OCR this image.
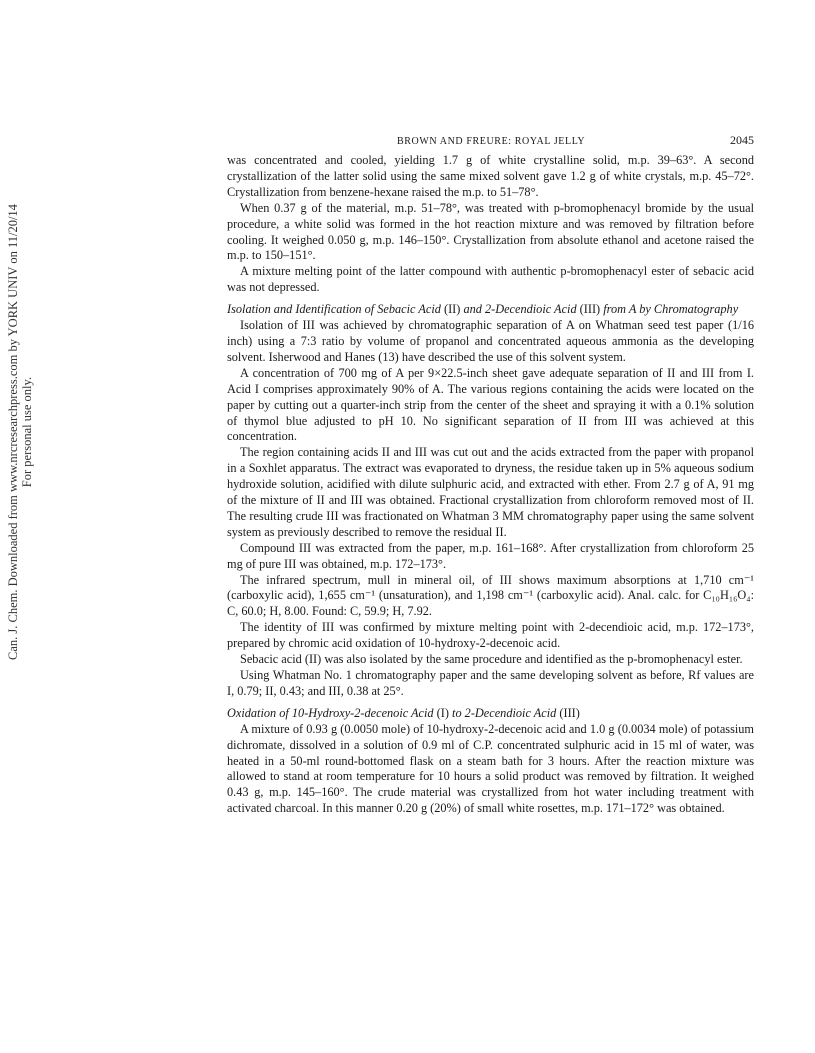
Can. J. Chem. Downloaded from www.nrcresearchpress.com by YORK UNIV on 11/20/14 For personal use only.
BROWN AND FREURE: ROYAL JELLY	2045

was concentrated and cooled, yielding 1.7 g of white crystalline solid, m.p. 39–63°. A second crystallization of the latter solid using the same mixed solvent gave 1.2 g of white crystals, m.p. 45–72°. Crystallization from benzene-hexane raised the m.p. to 51–78°.

When 0.37 g of the material, m.p. 51–78°, was treated with p-bromophenacyl bromide by the usual procedure, a white solid was formed in the hot reaction mixture and was removed by filtration before cooling. It weighed 0.050 g, m.p. 146–150°. Crystallization from absolute ethanol and acetone raised the m.p. to 150–151°.

A mixture melting point of the latter compound with authentic p-bromophenacyl ester of sebacic acid was not depressed.

Isolation and Identification of Sebacic Acid (II) and 2-Decendioic Acid (III) from A by Chromatography

Isolation of III was achieved by chromatographic separation of A on Whatman seed test paper (1/16 inch) using a 7:3 ratio by volume of propanol and concentrated aqueous ammonia as the developing solvent. Isherwood and Hanes (13) have described the use of this solvent system.

A concentration of 700 mg of A per 9×22.5-inch sheet gave adequate separation of II and III from I. Acid I comprises approximately 90% of A. The various regions containing the acids were located on the paper by cutting out a quarter-inch strip from the center of the sheet and spraying it with a 0.1% solution of thymol blue adjusted to pH 10. No significant separation of II from III was achieved at this concentration.

The region containing acids II and III was cut out and the acids extracted from the paper with propanol in a Soxhlet apparatus. The extract was evaporated to dryness, the residue taken up in 5% aqueous sodium hydroxide solution, acidified with dilute sulphuric acid, and extracted with ether. From 2.7 g of A, 91 mg of the mixture of II and III was obtained. Fractional crystallization from chloroform removed most of II. The resulting crude III was fractionated on Whatman 3 MM chromatography paper using the same solvent system as previously described to remove the residual II.

Compound III was extracted from the paper, m.p. 161–168°. After crystallization from chloroform 25 mg of pure III was obtained, m.p. 172–173°.

The infrared spectrum, mull in mineral oil, of III shows maximum absorptions at 1,710 cm⁻¹ (carboxylic acid), 1,655 cm⁻¹ (unsaturation), and 1,198 cm⁻¹ (carboxylic acid). Anal. calc. for C₁₀H₁₆O₄: C, 60.0; H, 8.00. Found: C, 59.9; H, 7.92.

The identity of III was confirmed by mixture melting point with 2-decendioic acid, m.p. 172–173°, prepared by chromic acid oxidation of 10-hydroxy-2-decenoic acid.

Sebacic acid (II) was also isolated by the same procedure and identified as the p-bromophenacyl ester.

Using Whatman No. 1 chromatography paper and the same developing solvent as before, Rf values are I, 0.79; II, 0.43; and III, 0.38 at 25°.

Oxidation of 10-Hydroxy-2-decenoic Acid (I) to 2-Decendioic Acid (III)

A mixture of 0.93 g (0.0050 mole) of 10-hydroxy-2-decenoic acid and 1.0 g (0.0034 mole) of potassium dichromate, dissolved in a solution of 0.9 ml of C.P. concentrated sulphuric acid in 15 ml of water, was heated in a 50-ml round-bottomed flask on a steam bath for 3 hours. After the reaction mixture was allowed to stand at room temperature for 10 hours a solid product was removed by filtration. It weighed 0.43 g, m.p. 145–160°. The crude material was crystallized from hot water including treatment with activated charcoal. In this manner 0.20 g (20%) of small white rosettes, m.p. 171–172° was obtained.
